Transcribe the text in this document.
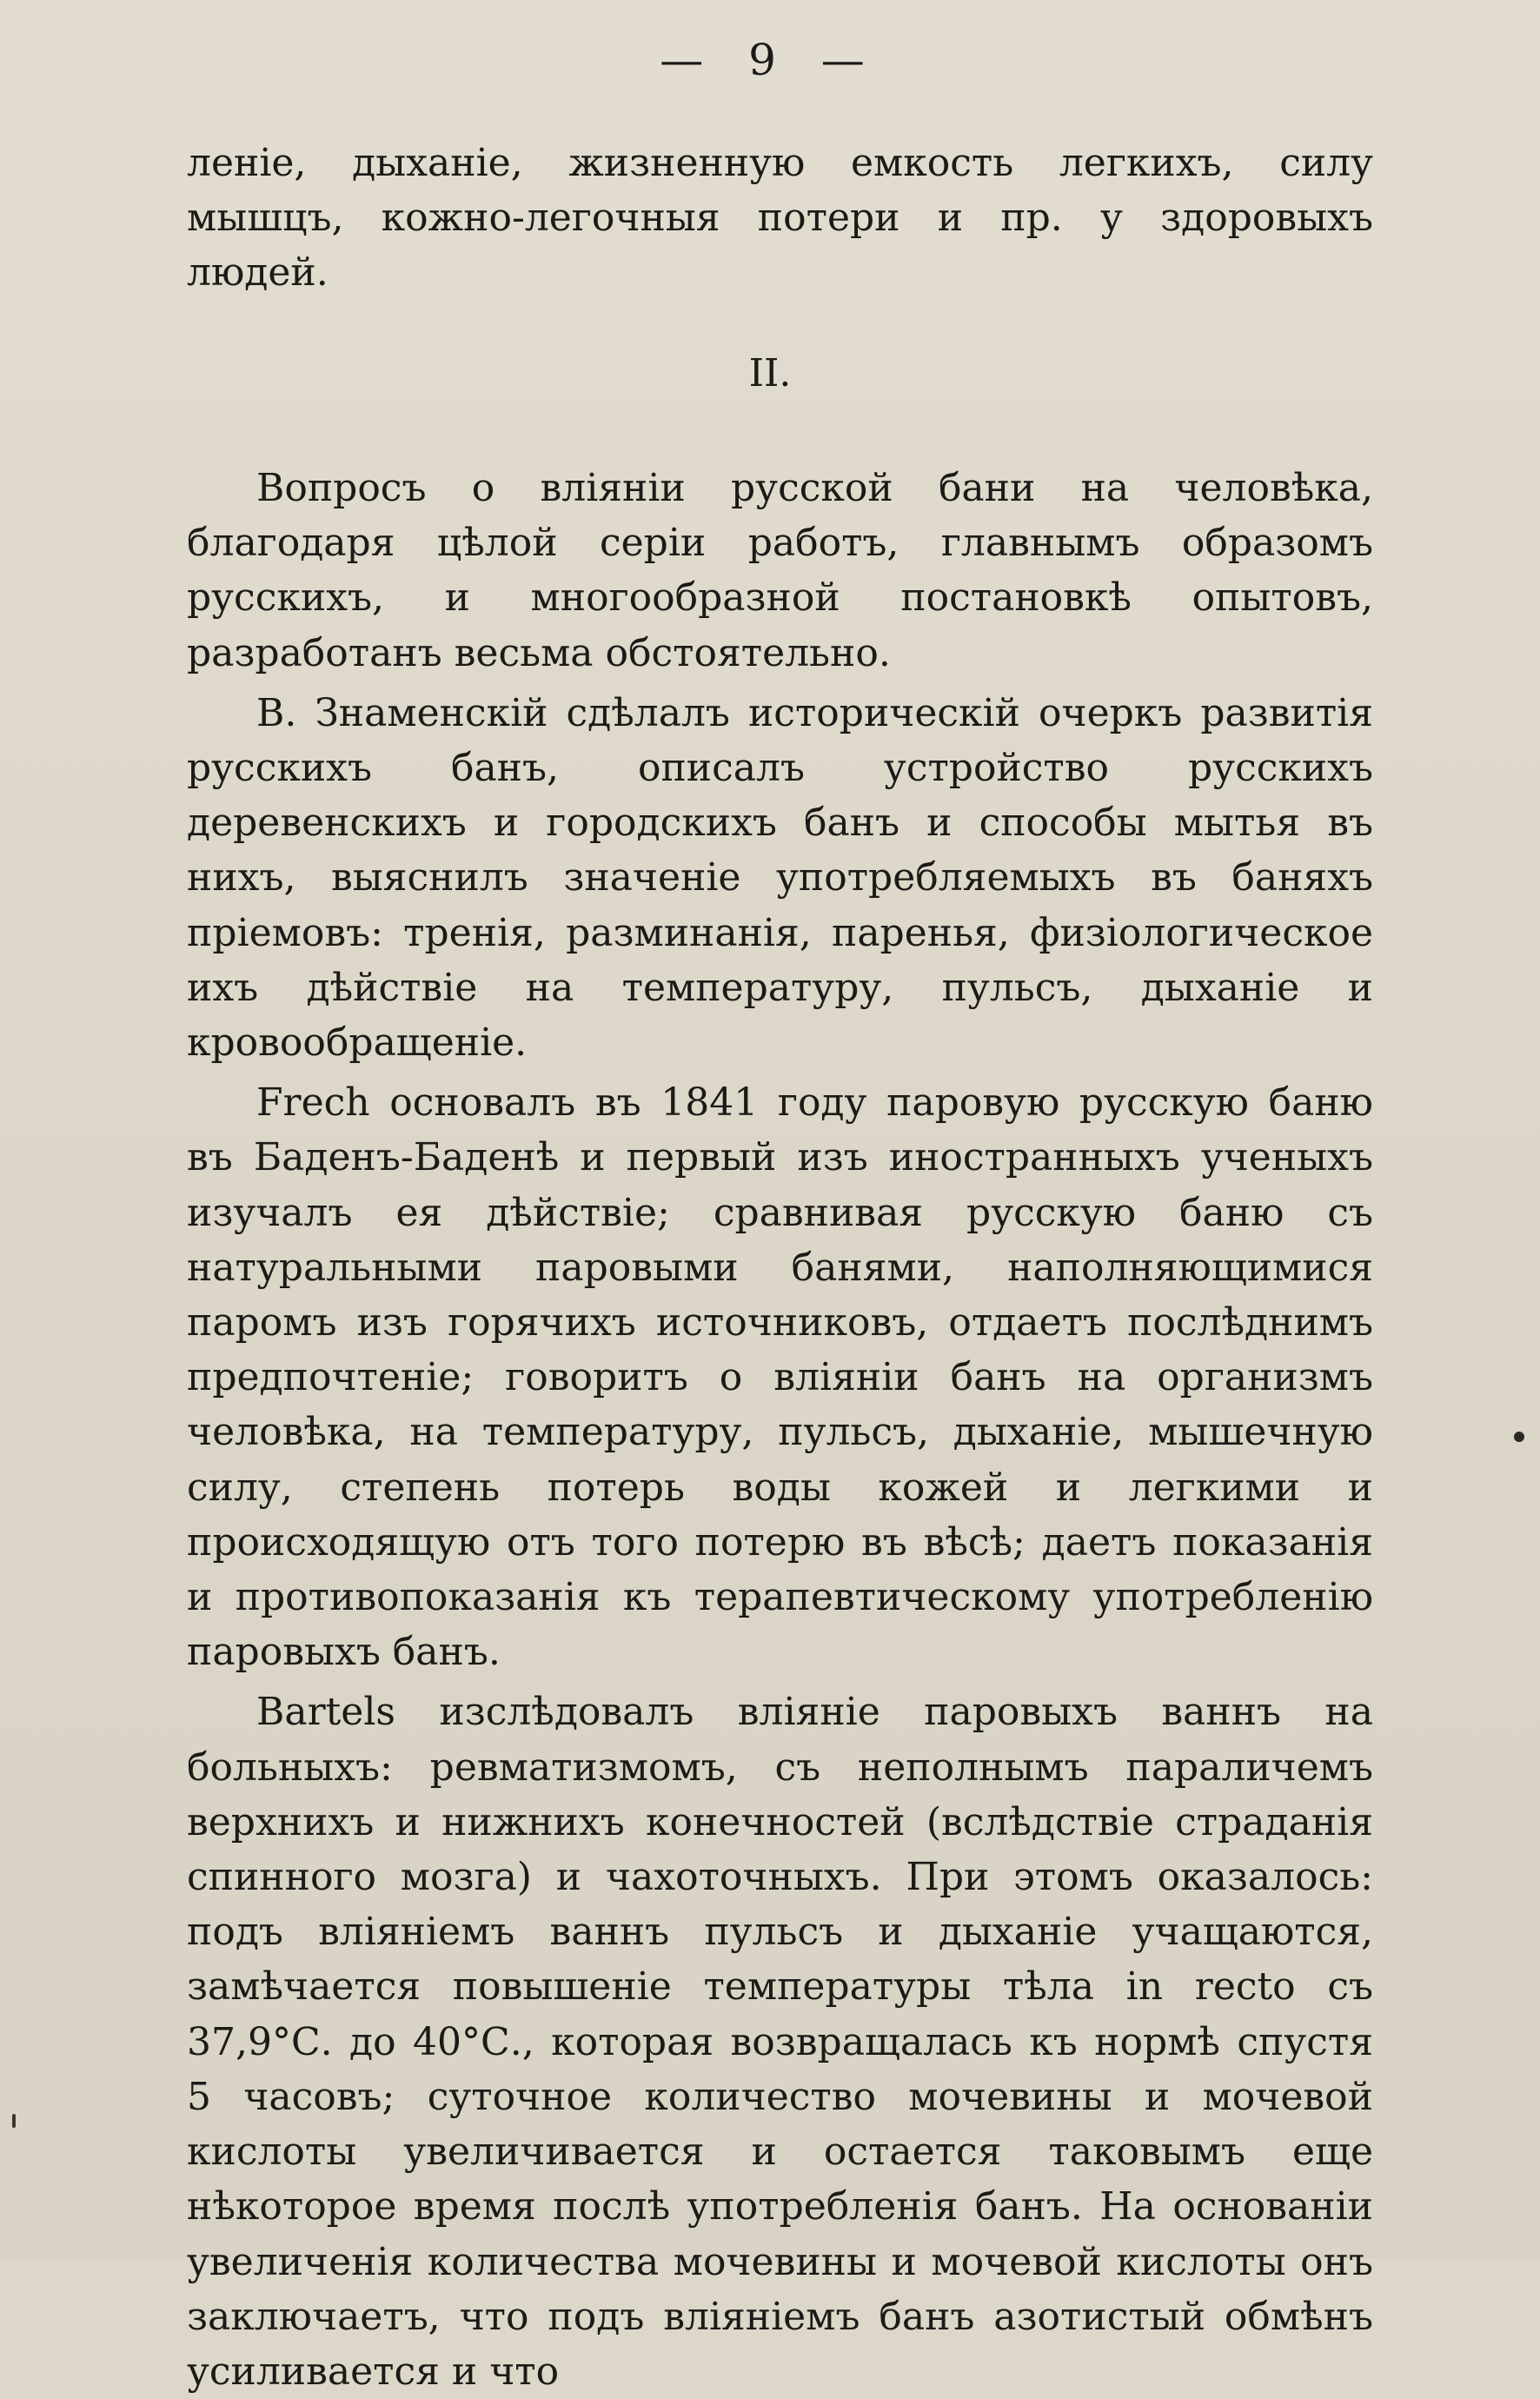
— 9 —

леніе, дыханіе, жизненную емкость легкихъ, силу мышцъ, кожно-легочныя потери и пр. у здоровыхъ людей.

II.

Вопросъ о вліяніи русской бани на человѣка, благодаря цѣлой серіи работъ, главнымъ образомъ русскихъ, и многообразной постановкѣ опытовъ, разработанъ весьма обстоятельно.

В. Знаменскій сдѣлалъ историческій очеркъ развитія русскихъ банъ, описалъ устройство русскихъ деревенскихъ и городскихъ банъ и способы мытья въ нихъ, выяснилъ значеніе употребляемыхъ въ баняхъ пріемовъ: тренія, разминанія, паренья, физіологическое ихъ дѣйствіе на температуру, пульсъ, дыханіе и кровообращеніе.

Frech основалъ въ 1841 году паровую русскую баню въ Баденъ-Баденѣ и первый изъ иностранныхъ ученыхъ изучалъ ея дѣйствіе; сравнивая русскую баню съ натуральными паровыми банями, наполняющимися паромъ изъ горячихъ источниковъ, отдаетъ послѣднимъ предпочтеніе; говоритъ о вліяніи банъ на организмъ человѣка, на температуру, пульсъ, дыханіе, мышечную силу, степень потерь воды кожей и легкими и происходящую отъ того потерю въ вѣсѣ; даетъ показанія и противопоказанія къ терапевтическому употребленію паровыхъ банъ.

Bartels изслѣдовалъ вліяніе паровыхъ ваннъ на больныхъ: ревматизмомъ, съ неполнымъ параличемъ верхнихъ и нижнихъ конечностей (вслѣдствіе страданія спинного мозга) и чахоточныхъ. При этомъ оказалось: подъ вліяніемъ ваннъ пульсъ и дыханіе учащаются, замѣчается повышеніе температуры тѣла in recto съ 37,9°С. до 40°С., которая возвращалась къ нормѣ спустя 5 часовъ; суточное количество мочевины и мочевой кислоты увеличивается и остается таковымъ еще нѣкоторое время послѣ употребленія банъ. На основаніи увеличенія количества мочевины и мочевой кислоты онъ заключаетъ, что подъ вліяніемъ банъ азотистый обмѣнъ усиливается и что
